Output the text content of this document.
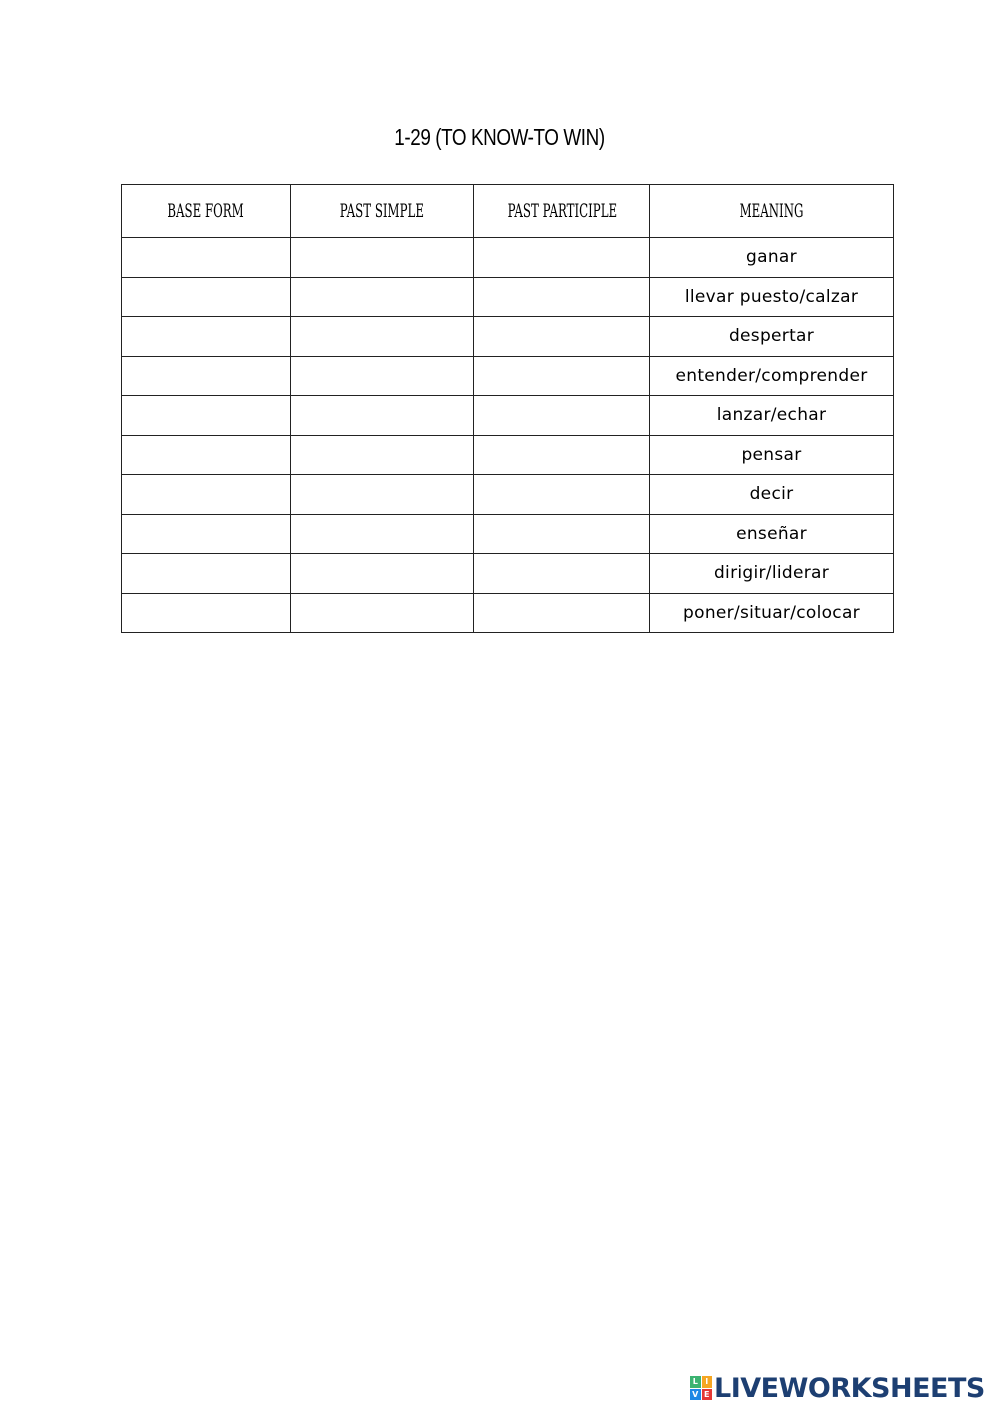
1-29 (TO KNOW-TO WIN)
BASE FORM	PAST SIMPLE	PAST PARTICIPLE	MEANING
			ganar
			llevar puesto/calzar
			despertar
			entender/comprender
			lanzar/echar
			pensar
			decir
			enseñar
			dirigir/liderar
			poner/situar/colocar
L I
V E LIVEWORKSHEETS
